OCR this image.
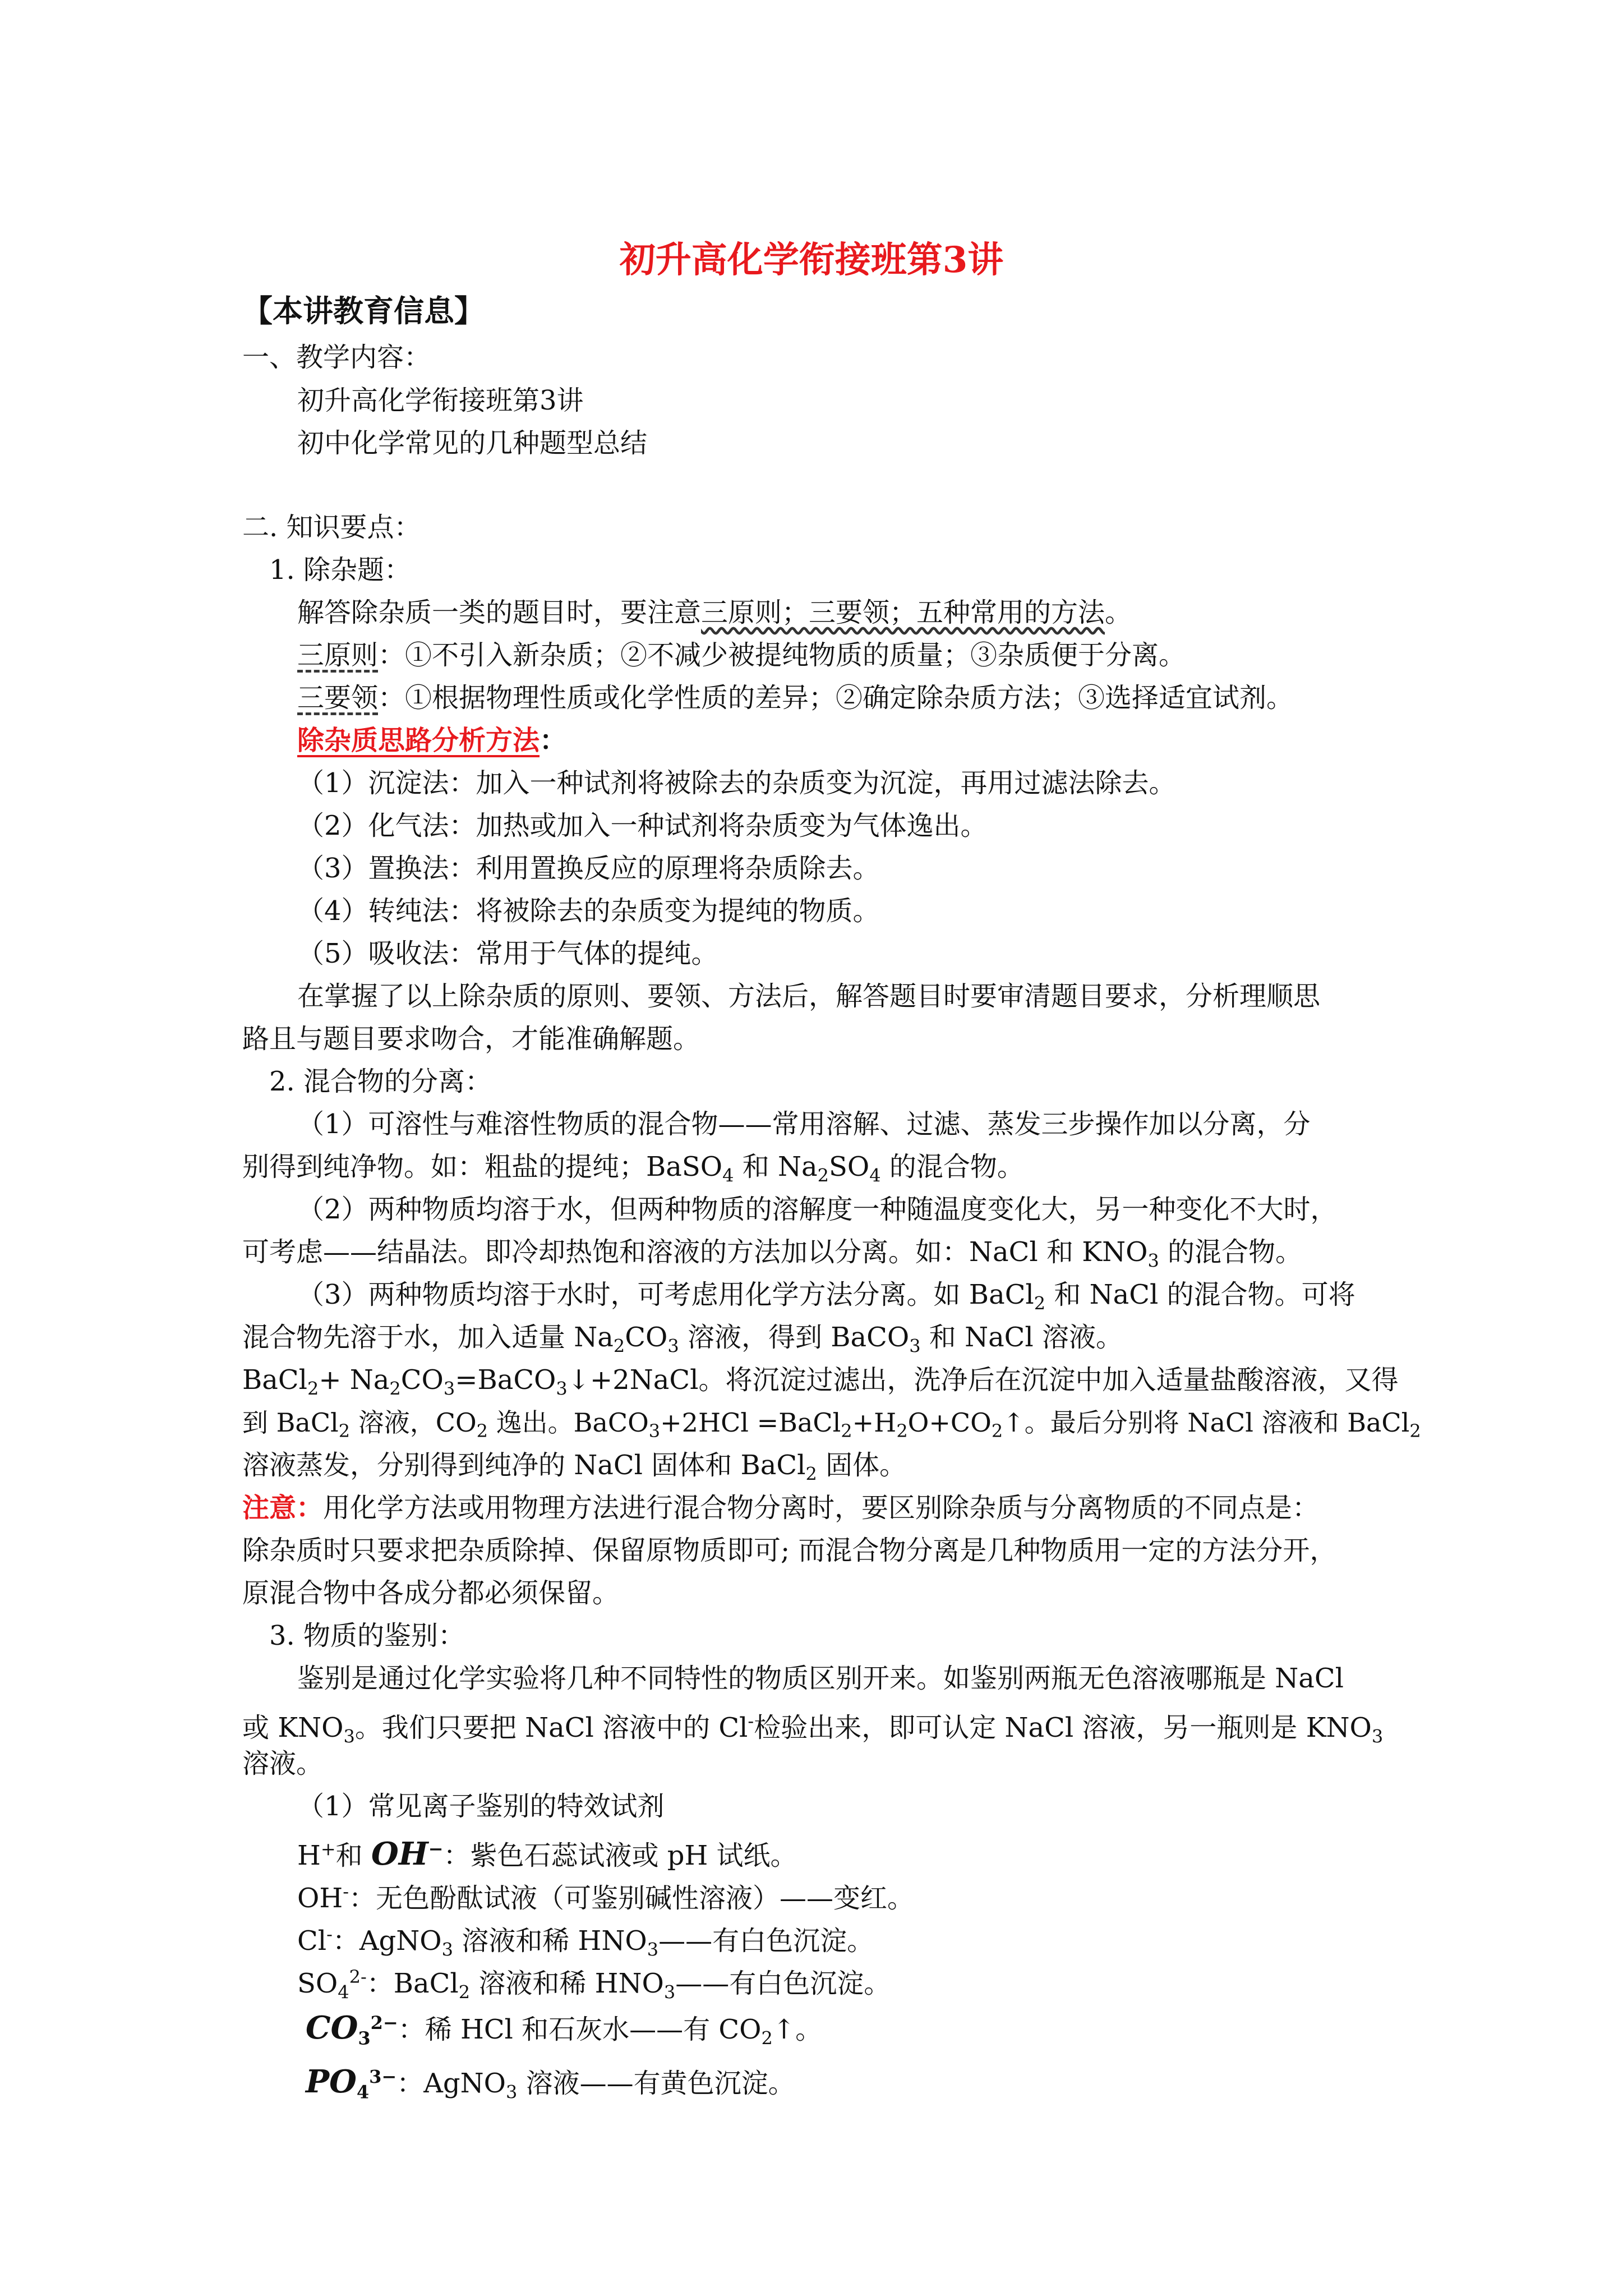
初升高化学衔接班第3讲
【本讲教育信息】
一、教学内容：
初升高化学衔接班第3讲
初中化学常见的几种题型总结
二. 知识要点：
1. 除杂题：
解答除杂质一类的题目时，要注意三原则；三要领；五种常用的方法。
三原则：①不引入新杂质；②不减少被提纯物质的质量；③杂质便于分离。
三要领：①根据物理性质或化学性质的差异；②确定除杂质方法；③选择适宜试剂。
除杂质思路分析方法：
（1）沉淀法：加入一种试剂将被除去的杂质变为沉淀，再用过滤法除去。
（2）化气法：加热或加入一种试剂将杂质变为气体逸出。
（3）置换法：利用置换反应的原理将杂质除去。
（4）转纯法：将被除去的杂质变为提纯的物质。
（5）吸收法：常用于气体的提纯。
在掌握了以上除杂质的原则、要领、方法后，解答题目时要审清题目要求，分析理顺思
路且与题目要求吻合，才能准确解题。
2. 混合物的分离：
（1）可溶性与难溶性物质的混合物——常用溶解、过滤、蒸发三步操作加以分离，分
别得到纯净物。如：粗盐的提纯；BaSO$_4$ 和 $Na_2SO_4$ 的混合物。
（2）两种物质均溶于水，但两种物质的溶解度一种随温度变化大，另一种变化不大时，
可考虑——结晶法。即冷却热饱和溶液的方法加以分离。如：NaCl 和 $KNO_3$ 的混合物。
（3）两种物质均溶于水时，可考虑用化学方法分离。如 BaCl$_2$ 和 NaCl 的混合物。可将
混合物先溶于水，加入适量 $Na_2CO_3$ 溶液，得到 BaCO$_3$ 和 NaCl 溶液。
BaCl$_2$+ $Na_2CO_3=BaCO_3↓+2NaCl$。将沉淀过滤出，洗净后在沉淀中加入适量盐酸溶液，又得
到 BaCl$_2$ 溶液，$CO_2$ 逸出。BaCO$_3$+2HCl $=BaCl_2+H_2O+CO_2↑$。最后分别将 NaCl 溶液和 BaCl$_2$
溶液蒸发，分别得到纯净的 NaCl 固体和 BaCl$_2$ 固体。
注意：用化学方法或用物理方法进行混合物分离时，要区别除杂质与分离物质的不同点是：
除杂质时只要求把杂质除掉、保留原物质即可; 而混合物分离是几种物质用一定的方法分开，
原混合物中各成分都必须保留。
3. 物质的鉴别：
鉴别是通过化学实验将几种不同特性的物质区别开来。如鉴别两瓶无色溶液哪瓶是 NaCl
或 $KNO_3$。我们只要把 NaCl 溶液中的 Cl-检验出来，即可认定 NaCl 溶液，另一瓶则是 $KNO_3$
溶液。
（1）常见离子鉴别的特效试剂
H+和 OH−：紫色石蕊试液或 pH 试纸。
OH-：无色酚酞试液（可鉴别碱性溶液）——变红。
Cl-：AgNO$_3$ 溶液和稀 $HNO_3——$有白色沉淀。
$SO_4^{2-}$：BaCl$_2$ 溶液和稀 $HNO_3——$有白色沉淀。
$CO_3^{2-}$：稀 HCl 和石灰水——有 $CO_2↑$。
$PO_4^{3-}$：AgNO$_3$ 溶液——有黄色沉淀。
